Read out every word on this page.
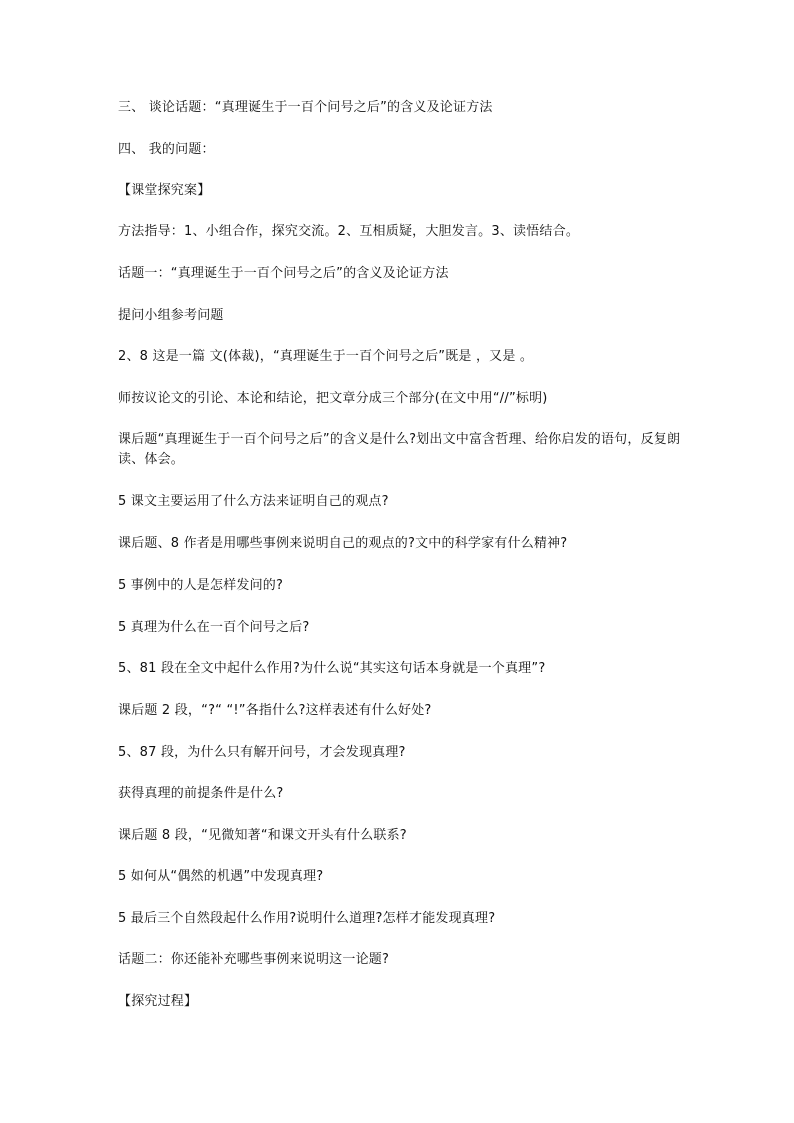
三、 谈论话题：“真理诞生于一百个问号之后”的含义及论证方法
四、 我的问题：
【课堂探究案】
方法指导：1、小组合作，探究交流。2、互相质疑，大胆发言。3、读悟结合。
话题一：“真理诞生于一百个问号之后”的含义及论证方法
提问小组参考问题
2、8 这是一篇 文(体裁)，“真理诞生于一百个问号之后”既是 ，又是 。
师按议论文的引论、本论和结论，把文章分成三个部分(在文中用“//”标明)
课后题“真理诞生于一百个问号之后”的含义是什么?划出文中富含哲理、给你启发的语句，反复朗读、体会。
5 课文主要运用了什么方法来证明自己的观点?
课后题、8 作者是用哪些事例来说明自己的观点的?文中的科学家有什么精神?
5 事例中的人是怎样发问的?
5 真理为什么在一百个问号之后?
5、81 段在全文中起什么作用?为什么说“其实这句话本身就是一个真理”?
课后题 2 段，“?“ “!”各指什么?这样表述有什么好处?
5、87 段，为什么只有解开问号，才会发现真理?
获得真理的前提条件是什么?
课后题 8 段，“见微知著“和课文开头有什么联系?
5 如何从“偶然的机遇”中发现真理?
5 最后三个自然段起什么作用?说明什么道理?怎样才能发现真理?
话题二：你还能补充哪些事例来说明这一论题?
【探究过程】
